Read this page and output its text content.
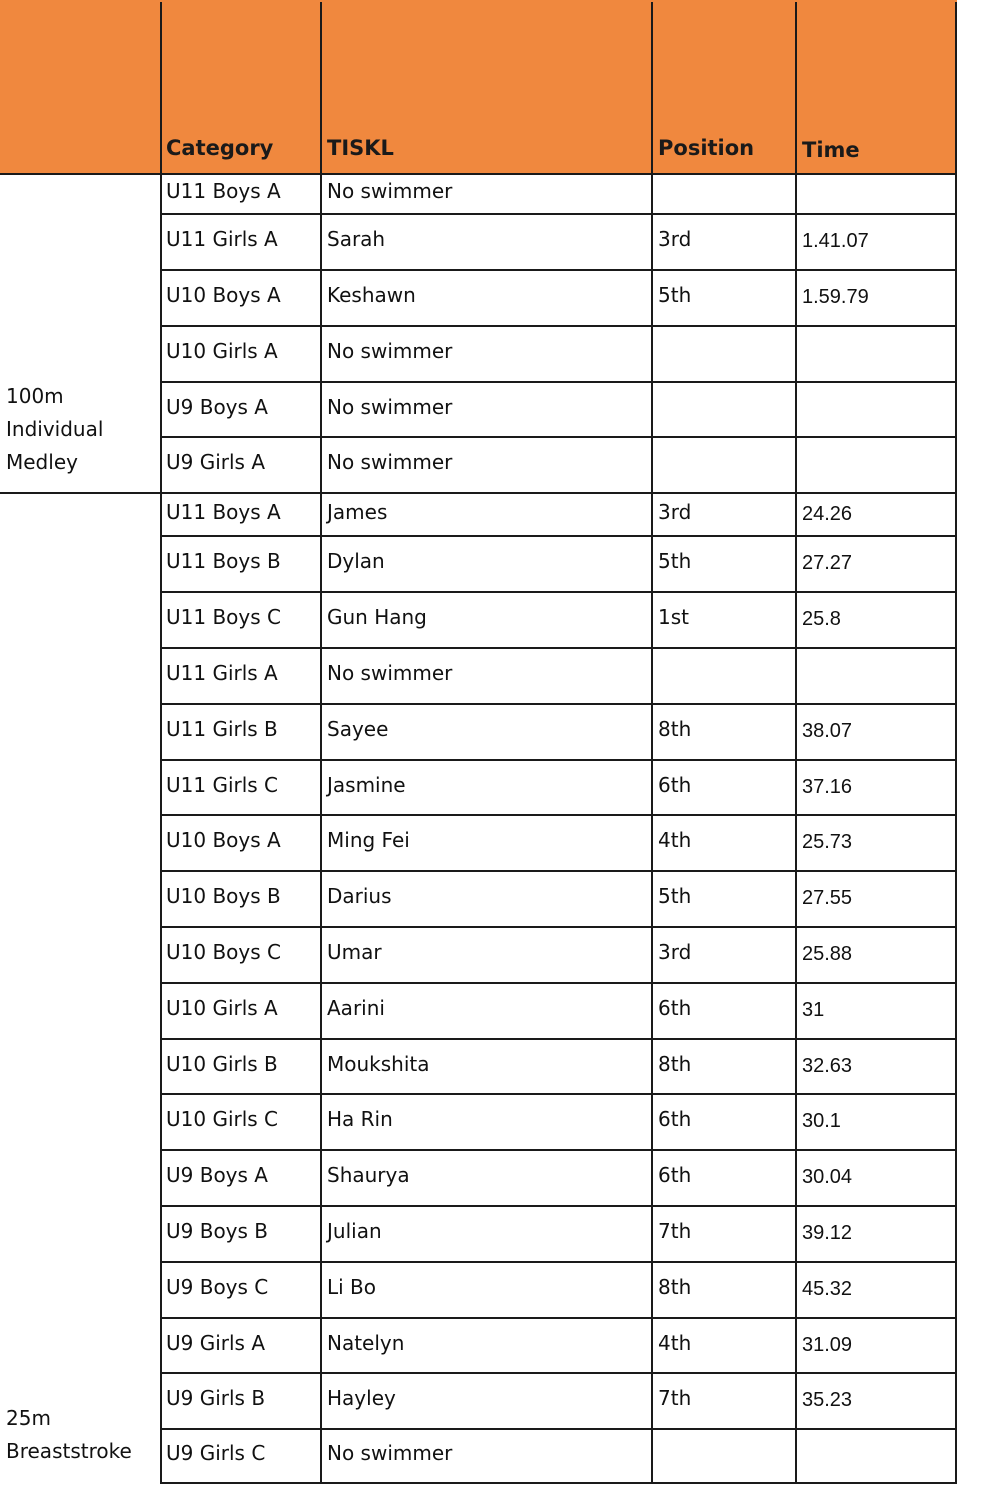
Category	TISKL	Position Time
100m Individual Medley
U11 Boys A No swimmer
U11 Girls A Sarah	3rd	1.41.07
U10 Boys A Keshawn	5th	1.59.79
U10 Girls A No swimmer
U9 Boys A	No swimmer
U9 Girls A	No swimmer
25m Breaststroke
U11 Boys A James	3rd	24.26
U11 Boys B Dylan	5th	27.27
U11 Boys C Gun Hang	1st	25.8
U11 Girls A No swimmer
U11 Girls B Sayee	8th	38.07
U11 Girls C Jasmine	6th	37.16
U10 Boys A Ming Fei	4th	25.73
U10 Boys B Darius	5th	27.55
U10 Boys C Umar	3rd	25.88
U10 Girls A Aarini	6th	31
U10 Girls B Moukshita	8th	32.63
U10 Girls C Ha Rin	6th	30.1
U9 Boys A	Shaurya	6th	30.04
U9 Boys B	Julian	7th	39.12
U9 Boys C	Li Bo	8th	45.32
U9 Girls A	Natelyn	4th	31.09
U9 Girls B	Hayley	7th	35.23
U9 Girls C	No swimmer
